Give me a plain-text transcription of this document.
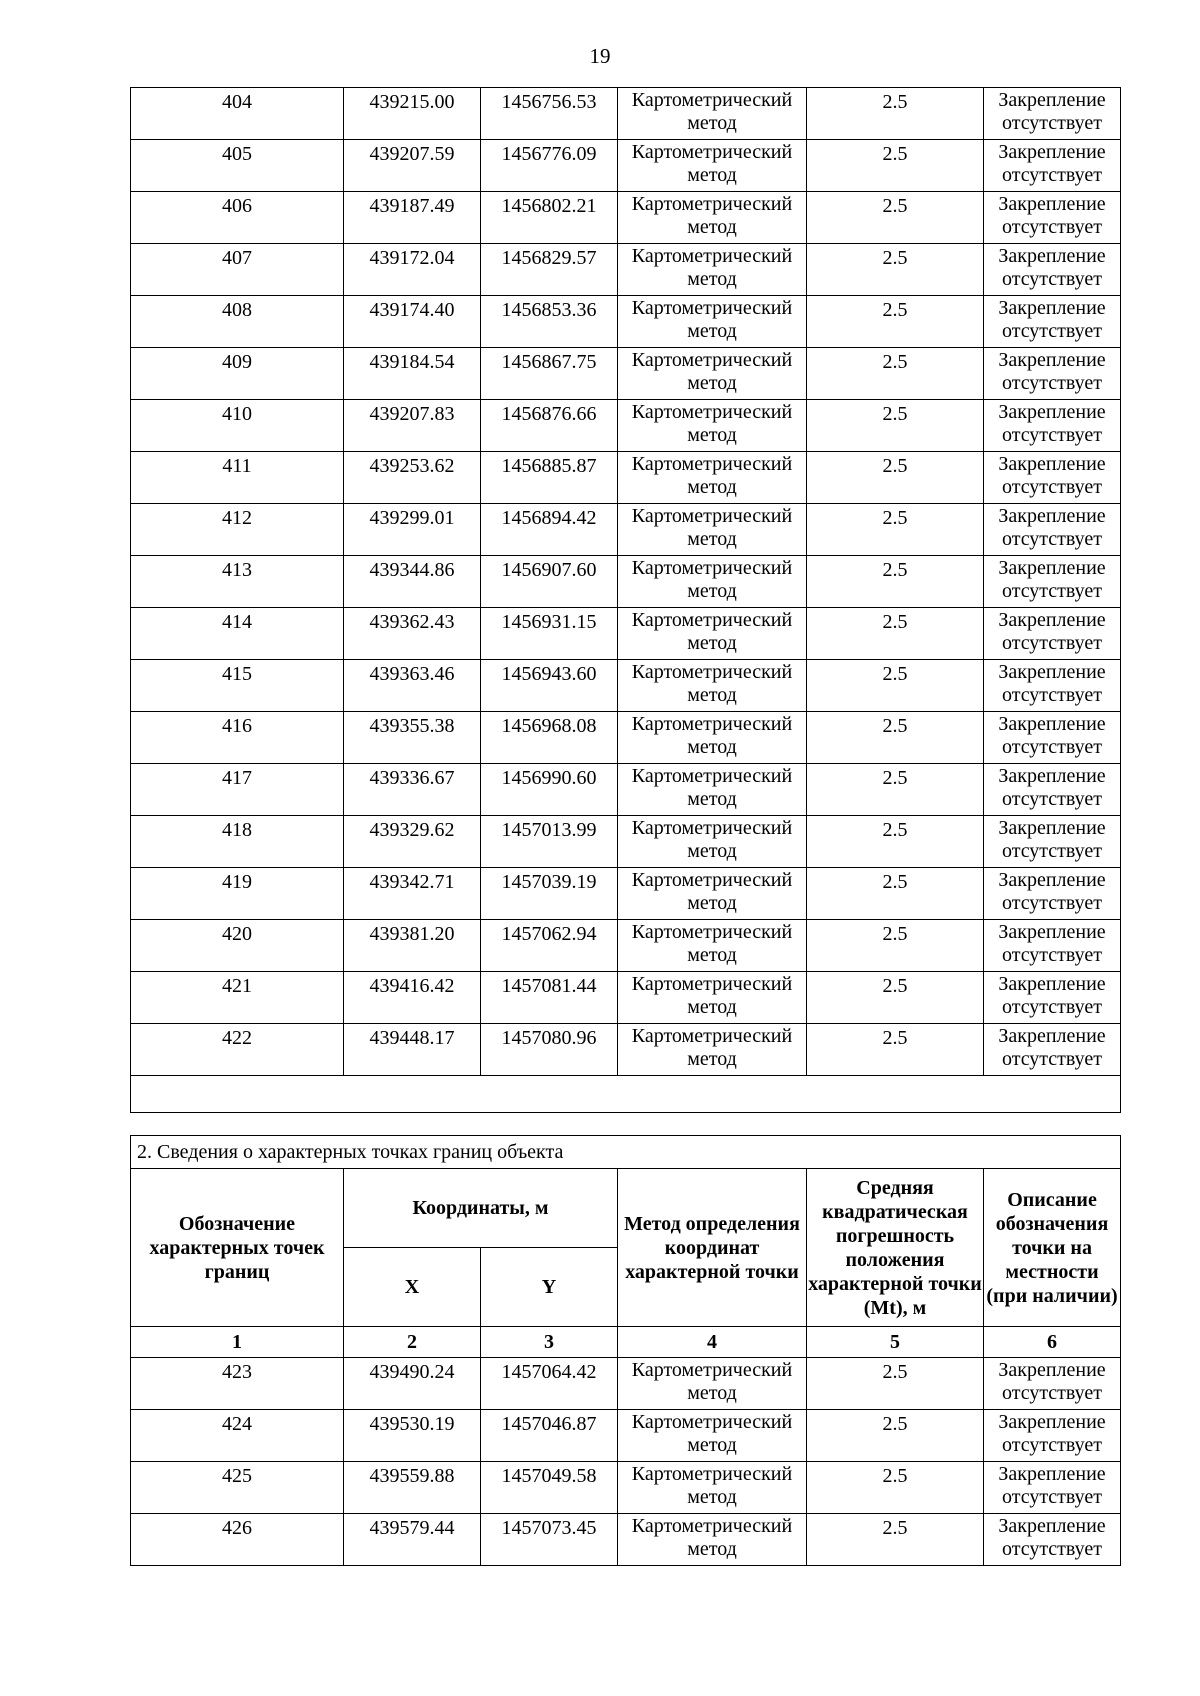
19
404	439215.00	1456756.53	Картометрический метод	2.5	Закрепление отсутствует
405	439207.59	1456776.09	Картометрический метод	2.5	Закрепление отсутствует
406	439187.49	1456802.21	Картометрический метод	2.5	Закрепление отсутствует
407	439172.04	1456829.57	Картометрический метод	2.5	Закрепление отсутствует
408	439174.40	1456853.36	Картометрический метод	2.5	Закрепление отсутствует
409	439184.54	1456867.75	Картометрический метод	2.5	Закрепление отсутствует
410	439207.83	1456876.66	Картометрический метод	2.5	Закрепление отсутствует
411	439253.62	1456885.87	Картометрический метод	2.5	Закрепление отсутствует
412	439299.01	1456894.42	Картометрический метод	2.5	Закрепление отсутствует
413	439344.86	1456907.60	Картометрический метод	2.5	Закрепление отсутствует
414	439362.43	1456931.15	Картометрический метод	2.5	Закрепление отсутствует
415	439363.46	1456943.60	Картометрический метод	2.5	Закрепление отсутствует
416	439355.38	1456968.08	Картометрический метод	2.5	Закрепление отсутствует
417	439336.67	1456990.60	Картометрический метод	2.5	Закрепление отсутствует
418	439329.62	1457013.99	Картометрический метод	2.5	Закрепление отсутствует
419	439342.71	1457039.19	Картометрический метод	2.5	Закрепление отсутствует
420	439381.20	1457062.94	Картометрический метод	2.5	Закрепление отсутствует
421	439416.42	1457081.44	Картометрический метод	2.5	Закрепление отсутствует
422	439448.17	1457080.96	Картометрический метод	2.5	Закрепление отсутствует

2. Сведения о характерных точках границ объекта					
Обозначение характерных точек границ	Координаты, м		Метод определения координат характерной точки	Средняя квадратическая погрешность положения характерной точки (Mt), м	Описание обозначения точки на местности (при наличии)
	X	Y			
1	2	3	4	5	6
423	439490.24	1457064.42	Картометрический метод	2.5	Закрепление отсутствует
424	439530.19	1457046.87	Картометрический метод	2.5	Закрепление отсутствует
425	439559.88	1457049.58	Картометрический метод	2.5	Закрепление отсутствует
426	439579.44	1457073.45	Картометрический метод	2.5	Закрепление отсутствует
